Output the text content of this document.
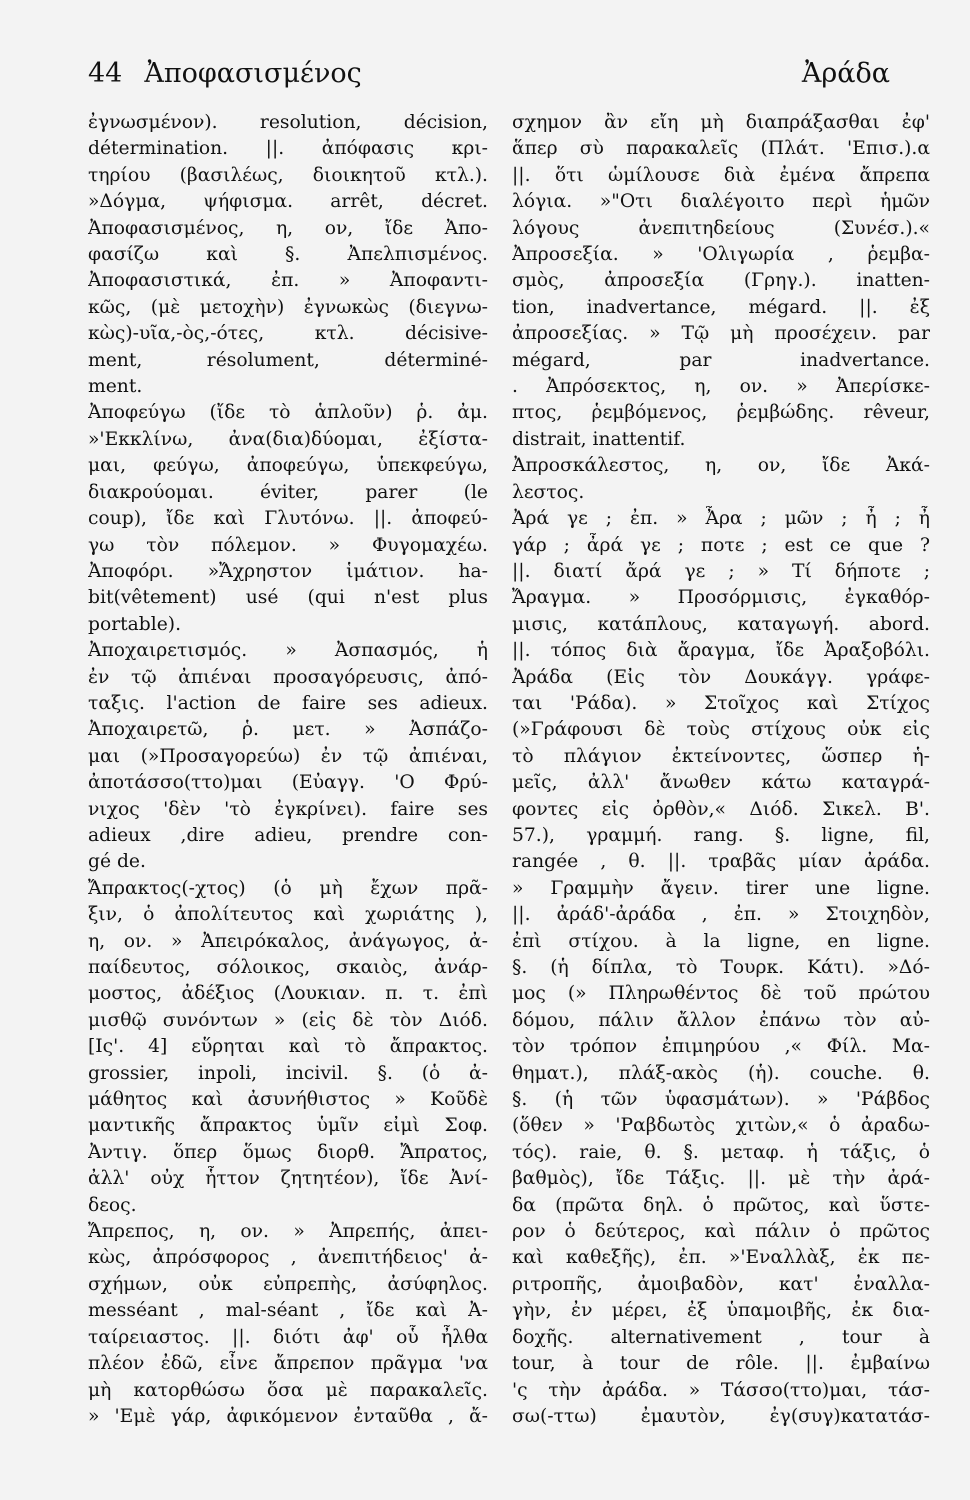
44 Ἀποφασισμένος	Ἀράδα
ἐγνωσμένον). resolution, décision,
détermination. ||. ἀπόφασις κρι-
τηρίου (βασιλέως, διοικητοῦ κτλ.).
»Δόγμα, ψήφισμα. arrêt, décret.
Ἀποφασισμένος, η, ον, ἴδε Ἀπο-
φασίζω καὶ §. Ἀπελπισμένος.
Ἀποφασιστικά, ἐπ. » Ἀποφαντι-
κῶς, (μὲ μετοχὴν) ἐγνωκὼς (διεγνω-
κὼς)-υῖα,-ὸς,-ότες, κτλ. décisive-
ment, résolument, déterminé-
ment.
Ἀποφεύγω (ἴδε τὸ ἁπλοῦν) ῥ. ἀμ.
»'Εκκλίνω, ἀνα(δια)δύομαι, ἐξίστα-
μαι, φεύγω, ἀποφεύγω, ὑπεκφεύγω,
διακρούομαι. éviter, parer (le
coup), ἴδε καὶ Γλυτόνω. ||. ἀποφεύ-
γω τὸν πόλεμον. » Φυγομαχέω.
Ἀποφόρι. »Ἄχρηστον ἱμάτιον. ha-
bit(vêtement) usé (qui n'est plus
portable).
Ἀποχαιρετισμός. » Ἀσπασμός, ἡ
ἐν τῷ ἀπιέναι προσαγόρευσις, ἀπό-
ταξις. l'action de faire ses adieux.
Ἀποχαιρετῶ, ῥ. μετ. » Ἀσπάζο-
μαι (»Προσαγορεύω) ἐν τῷ ἀπιέναι,
ἀποτάσσο(ττο)μαι (Εὐαγγ. 'Ο Φρύ-
νιχος 'δὲν 'τὸ ἐγκρίνει). faire ses
adieux ,dire adieu, prendre con-
gé de.
Ἄπρακτος(-χτος) (ὁ μὴ ἔχων πρᾶ-
ξιν, ὁ ἀπολίτευτος καὶ χωριάτης ),
η, ον. » Ἀπειρόκαλος, ἀνάγωγος, ἀ-
παίδευτος, σόλοικος, σκαιὸς, ἀνάρ-
μοστος, ἀδέξιος (Λουκιαν. π. τ. ἐπὶ
μισθῷ συνόντων » (εἰς δὲ τὸν Διόδ.
[Ις'. 4] εὕρηται καὶ τὸ ἄπρακτος.
grossier, inpoli, incivil. §. (ὁ ἀ-
μάθητος καὶ ἀσυνήθιστος » Κοῦδὲ
μαντικῆς ἄπρακτος ὑμῖν εἰμὶ Σοφ.
Ἀντιγ. ὅπερ ὅμως διορθ. Ἄπρατος,
ἀλλ' οὐχ ἧττον ζητητέον), ἴδε Ἀνί-
δεος.
Ἄπρεπος, η, ον. » Ἀπρεπής, ἀπει-
κὼς, ἀπρόσφορος , ἀνεπιτήδειος' ἀ-
σχήμων, οὐκ εὐπρεπὴς, ἀσύφηλος.
messéant , mal-séant , ἴδε καὶ Ἀ-
ταίρειαστος. ||. διότι ἀφ' οὗ ἦλθα
πλέον ἐδῶ, εἶνε ἄπρεπον πρᾶγμα 'να
μὴ κατορθώσω ὅσα μὲ παρακαλεῖς.
» 'Εμὲ γάρ, ἀφικόμενον ἐνταῦθα , ἄ-
σχημον ἂν εἴη μὴ διαπράξασθαι ἐφ'
ἅπερ σὺ παρακαλεῖς (Πλάτ. 'Επισ.).α
||. ὅτι ὡμίλουσε διὰ ἐμένα ἄπρεπα
λόγια. »"Οτι διαλέγοιτο περὶ ἡμῶν
λόγους ἀνεπιτηδείους (Συνέσ.).«
Ἀπροσεξία. » 'Ολιγωρία , ῥεμβα-
σμὸς, ἀπροσεξία (Γρηγ.). inatten-
tion, inadvertance, mégard. ||. ἐξ
ἀπροσεξίας. » Τῷ μὴ προσέχειν. par
mégard, par inadvertance.
. Ἀπρόσεκτος, η, ον. » Ἀπερίσκε-
πτος, ῥεμβόμενος, ῥεμβώδης. rêveur,
distrait, inattentif.
Ἀπροσκάλεστος, η, ον, ἴδε Ἀκά-
λεστος.
Ἀρά γε ; ἐπ. » Ἆρα ; μῶν ; ἦ ; ἦ
γάρ ; ἆρά γε ; ποτε ; est ce que ?
||. διατί ἄρά γε ; » Τί δήποτε ;
Ἄραγμα. » Προσόρμισις, ἐγκαθόρ-
μισις, κατάπλους, καταγωγή. abord.
||. τόπος διὰ ἄραγμα, ἴδε Ἀραξοβόλι.
Ἀράδα (Εἰς τὸν Δουκάγγ. γράφε-
ται 'Ράδα). » Στοῖχος καὶ Στίχος
(»Γράφουσι δὲ τοὺς στίχους οὐκ εἰς
τὸ πλάγιον ἐκτείνοντες, ὥσπερ ἡ-
μεῖς, ἀλλ' ἄνωθεν κάτω καταγρά-
φοντες εἰς ὀρθὸν,« Διόδ. Σικελ. Β'.
57.), γραμμή. rang. §. ligne, fil,
rangée , θ. ||. τραβᾶς μίαν ἀράδα.
» Γραμμὴν ἄγειν. tirer une ligne.
||. ἀράδ'-ἀράδα , ἐπ. » Στοιχηδὸν,
ἐπὶ στίχου. à la ligne, en ligne.
§. (ἡ δίπλα, τὸ Τουρκ. Κάτι). »Δό-
μος (» Πληρωθέντος δὲ τοῦ πρώτου
δόμου, πάλιν ἄλλον ἐπάνω τὸν αὐ-
τὸν τρόπον ἐπιμηρύου ,« Φίλ. Μα-
θηματ.), πλάξ-ακὸς (ἡ). couche. θ.
§. (ἡ τῶν ὑφασμάτων). » 'Ράβδος
(ὅθεν » 'Ραβδωτὸς χιτὼν,« ὁ ἀραδω-
τός). raie, θ. §. μεταφ. ἡ τάξις, ὁ
βαθμὸς), ἴδε Τάξις. ||. μὲ τὴν ἀρά-
δα (πρῶτα δηλ. ὁ πρῶτος, καὶ ὕστε-
ρον ὁ δεύτερος, καὶ πάλιν ὁ πρῶτος
καὶ καθεξῆς), ἐπ. »'Εναλλὰξ, ἐκ πε-
ριτροπῆς, ἀμοιβαδὸν, κατ' ἐναλλα-
γὴν, ἐν μέρει, ἐξ ὑπαμοιβῆς, ἐκ δια-
δοχῆς. alternativement , tour à
tour, à tour de rôle. ||. ἐμβαίνω
'ς τὴν ἀράδα. » Τάσσο(ττο)μαι, τάσ-
σω(-ττω) ἐμαυτὸν, ἐγ(συγ)κατατάσ-
